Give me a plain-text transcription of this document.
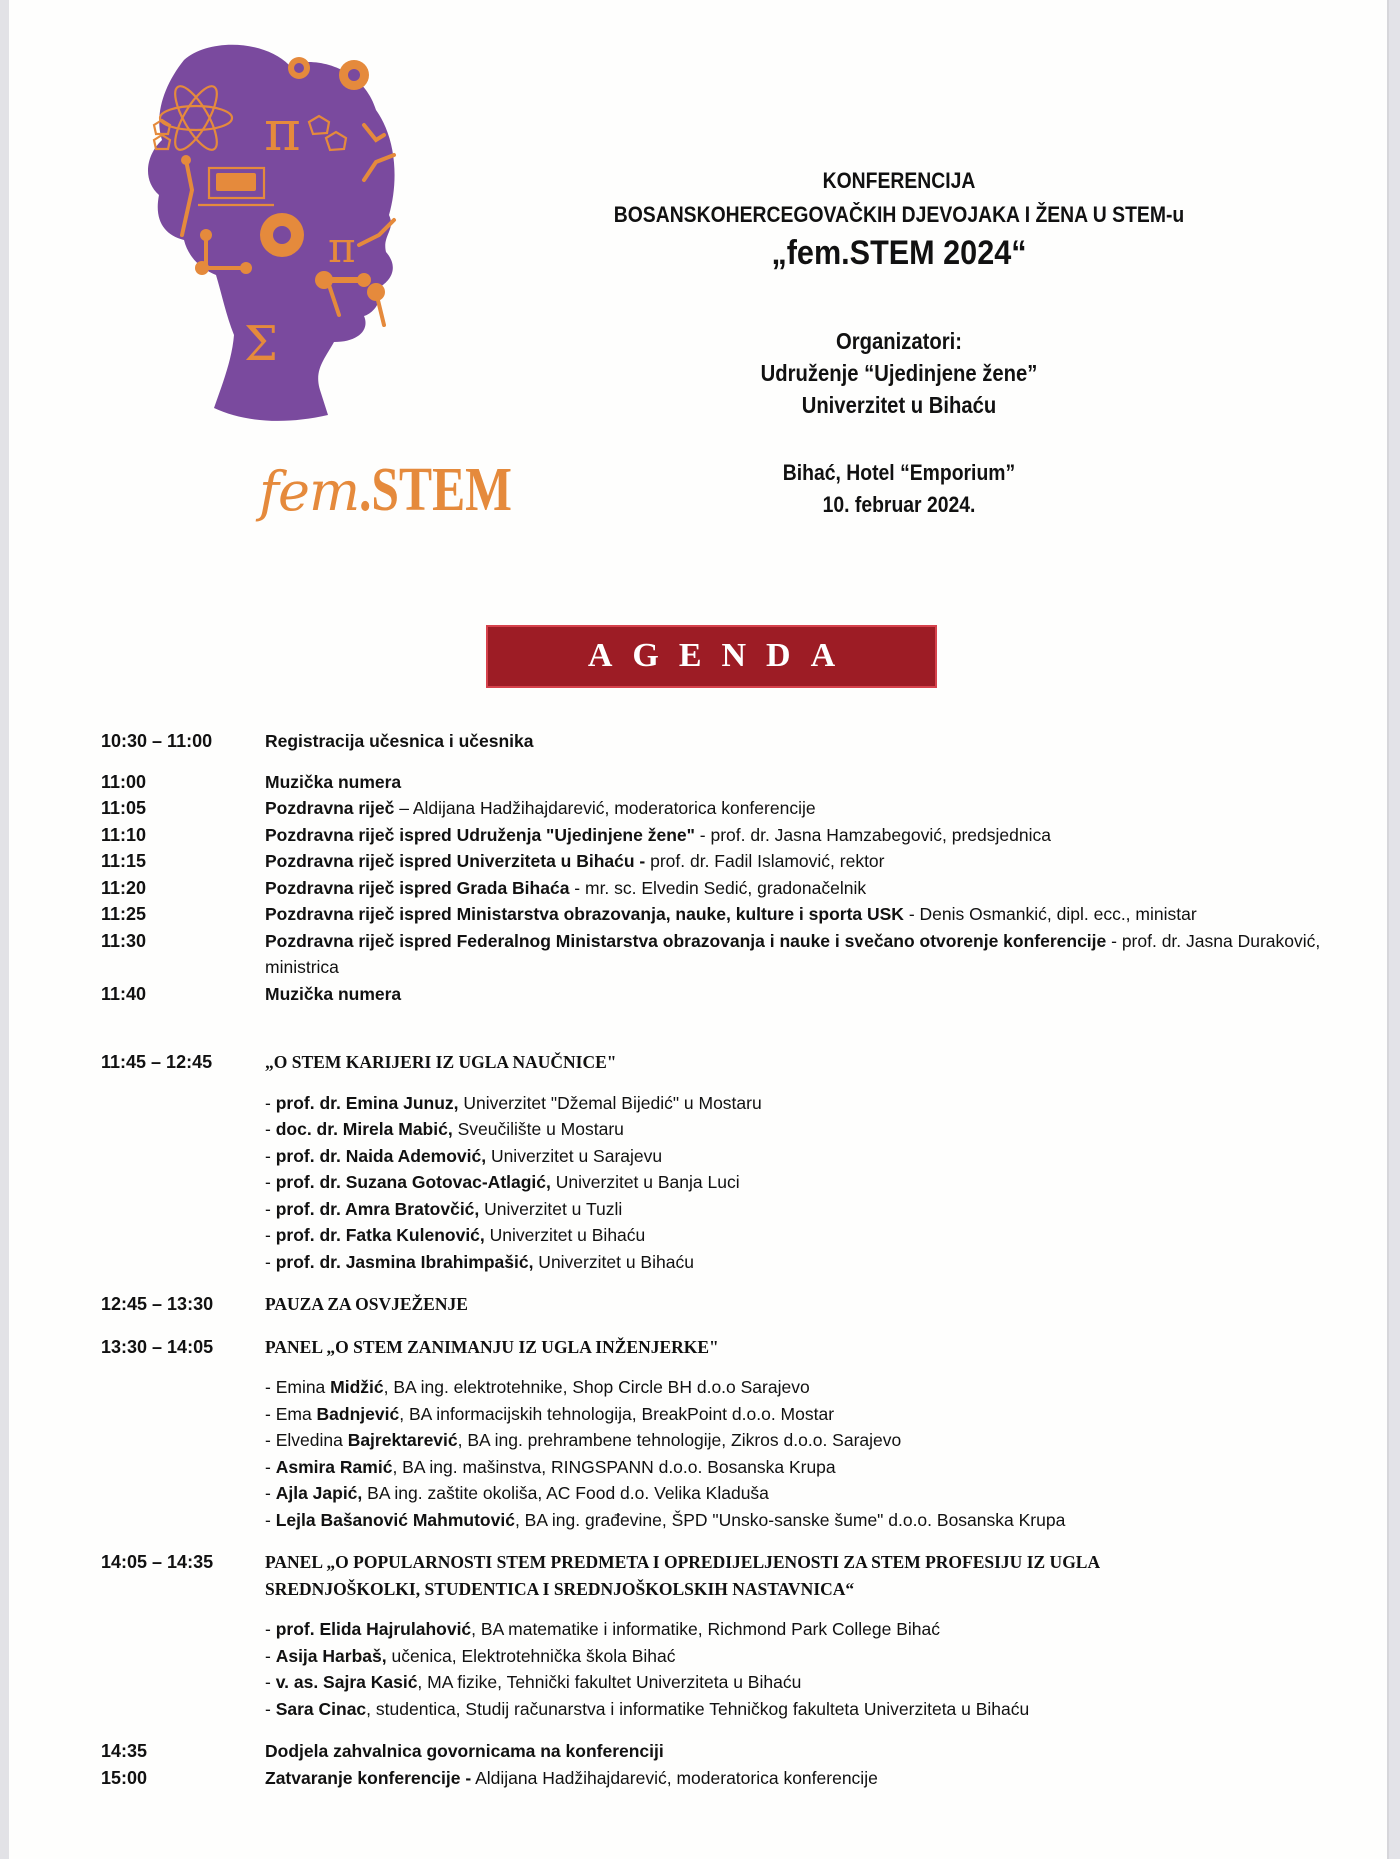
π
π
Σ
fem.STEM
KONFERENCIJA
BOSANSKOHERCEGOVAČKIH DJEVOJAKA I ŽENA U STEM-u
„fem.STEM 2024“
Organizatori:
Udruženje “Ujedinjene žene”
Univerzitet u Bihaću
Bihać, Hotel “Emporium”
10. februar 2024.
AGENDA
10:30 – 11:00	Registracija učesnica i učesnika
11:00	Muzička numera
11:05	Pozdravna riječ – Aldijana Hadžihajdarević, moderatorica konferencije
11:10	Pozdravna riječ ispred Udruženja "Ujedinjene žene" - prof. dr. Jasna Hamzabegović, predsjednica
11:15	Pozdravna riječ ispred Univerziteta u Bihaću - prof. dr. Fadil Islamović, rektor
11:20	Pozdravna riječ ispred Grada Bihaća - mr. sc. Elvedin Sedić, gradonačelnik
11:25	Pozdravna riječ ispred Ministarstva obrazovanja, nauke, kulture i sporta USK - Denis Osmankić, dipl. ecc., ministar
11:30	Pozdravna riječ ispred Federalnog Ministarstva obrazovanja i nauke i svečano otvorenje konferencije - prof. dr. Jasna Duraković, ministrica
11:40	Muzička numera
11:45 – 12:45	„O STEM KARIJERI IZ UGLA NAUČNICE"
- prof. dr. Emina Junuz, Univerzitet "Džemal Bijedić" u Mostaru
- doc. dr. Mirela Mabić, Sveučilište u Mostaru
- prof. dr. Naida Ademović, Univerzitet u Sarajevu
- prof. dr. Suzana Gotovac-Atlagić, Univerzitet u Banja Luci
- prof. dr. Amra Bratovčić, Univerzitet u Tuzli
- prof. dr. Fatka Kulenović, Univerzitet u Bihaću
- prof. dr. Jasmina Ibrahimpašić, Univerzitet u Bihaću
12:45 – 13:30	PAUZA ZA OSVJEŽENJE
13:30 – 14:05	PANEL „O STEM ZANIMANJU IZ UGLA INŽENJERKE"
- Emina Midžić, BA ing. elektrotehnike, Shop Circle BH d.o.o Sarajevo
- Ema Badnjević, BA informacijskih tehnologija, BreakPoint d.o.o. Mostar
- Elvedina Bajrektarević, BA ing. prehrambene tehnologije, Zikros d.o.o. Sarajevo
- Asmira Ramić, BA ing. mašinstva, RINGSPANN d.o.o. Bosanska Krupa
- Ajla Japić, BA ing. zaštite okoliša, AC Food d.o. Velika Kladuša
- Lejla Bašanović Mahmutović, BA ing. građevine, ŠPD "Unsko-sanske šume" d.o.o. Bosanska Krupa
14:05 – 14:35	PANEL „O POPULARNOSTI STEM PREDMETA I OPREDIJELJENOSTI ZA STEM PROFESIJU IZ UGLA
SREDNJOŠKOLKI, STUDENTICA I SREDNJOŠKOLSKIH NASTAVNICA“
- prof. Elida Hajrulahović, BA matematike i informatike, Richmond Park College Bihać
- Asija Harbaš, učenica, Elektrotehnička škola Bihać
- v. as. Sajra Kasić, MA fizike, Tehnički fakultet Univerziteta u Bihaću
- Sara Cinac, studentica, Studij računarstva i informatike Tehničkog fakulteta Univerziteta u Bihaću
14:35	Dodjela zahvalnica govornicama na konferenciji
15:00	Zatvaranje konferencije - Aldijana Hadžihajdarević, moderatorica konferencije
